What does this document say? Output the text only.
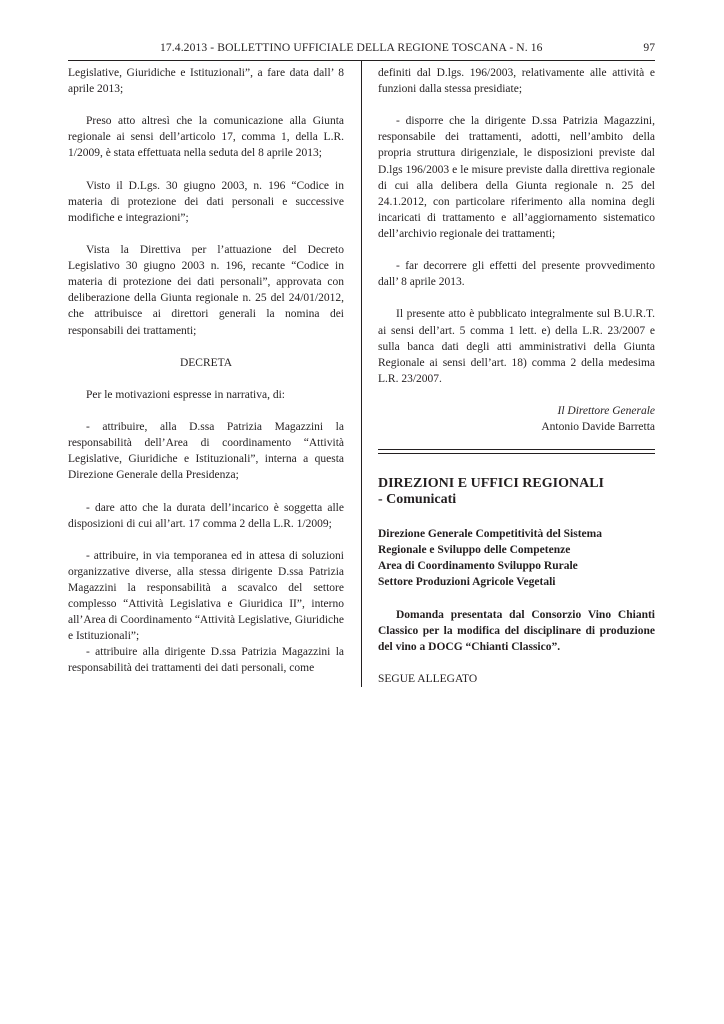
17.4.2013 - BOLLETTINO UFFICIALE DELLA REGIONE TOSCANA - N. 16	97

Legislative, Giuridiche e Istituzionali”, a fare data dall’ 8 aprile 2013;

Preso atto altresì che la comunicazione alla Giunta regionale ai sensi dell’articolo 17, comma 1, della L.R. 1/2009, è stata effettuata nella seduta del 8 aprile 2013;

Visto il D.Lgs. 30 giugno 2003, n. 196 “Codice in materia di protezione dei dati personali e successive modifiche e integrazioni”;

Vista la Direttiva per l’attuazione del Decreto Legislativo 30 giugno 2003 n. 196, recante “Codice in materia di protezione dei dati personali”, approvata con deliberazione della Giunta regionale n. 25 del 24/01/2012, che attribuisce ai direttori generali la nomina dei responsabili dei trattamenti;

DECRETA

Per le motivazioni espresse in narrativa, di:

- attribuire, alla D.ssa Patrizia Magazzini la responsabilità dell’Area di coordinamento “Attività Legislative, Giuridiche e Istituzionali”, interna a questa Direzione Generale della Presidenza;

- dare atto che la durata dell’incarico è soggetta alle disposizioni di cui all’art. 17 comma 2 della L.R. 1/2009;

- attribuire, in via temporanea ed in attesa di soluzioni organizzative diverse, alla stessa dirigente D.ssa Patrizia Magazzini la responsabilità a scavalco del settore complesso “Attività Legislativa e Giuridica II”, interno all’Area di Coordinamento “Attività Legislative, Giuridiche e Istituzionali”;

- attribuire alla dirigente D.ssa Patrizia Magazzini la responsabilità dei trattamenti dei dati personali, come

definiti dal D.lgs. 196/2003, relativamente alle attività e funzioni dalla stessa presidiate;

- disporre che la dirigente D.ssa Patrizia Magazzini, responsabile dei trattamenti, adotti, nell’ambito della propria struttura dirigenziale, le disposizioni previste dal D.lgs 196/2003 e le misure previste dalla direttiva regionale di cui alla delibera della Giunta regionale n. 25 del 24.1.2012, con particolare riferimento alla nomina degli incaricati di trattamento e all’aggiornamento sistematico dell’archivio regionale dei trattamenti;

- far decorrere gli effetti del presente provvedimento dall’ 8 aprile 2013.

Il presente atto è pubblicato integralmente sul B.U.R.T. ai sensi dell’art. 5 comma 1 lett. e) della L.R. 23/2007 e sulla banca dati degli atti amministrativi della Giunta Regionale ai sensi dell’art. 18) comma 2 della medesima L.R. 23/2007.

Il Direttore Generale

Antonio Davide Barretta

DIREZIONI E UFFICI REGIONALI
- Comunicati
Direzione Generale Competitività del Sistema
Regionale e Sviluppo delle Competenze
Area di Coordinamento Sviluppo Rurale
Settore Produzioni Agricole Vegetali

Domanda presentata dal Consorzio Vino Chianti Classico per la modifica del disciplinare di produzione del vino a DOCG “Chianti Classico”.

SEGUE ALLEGATO
